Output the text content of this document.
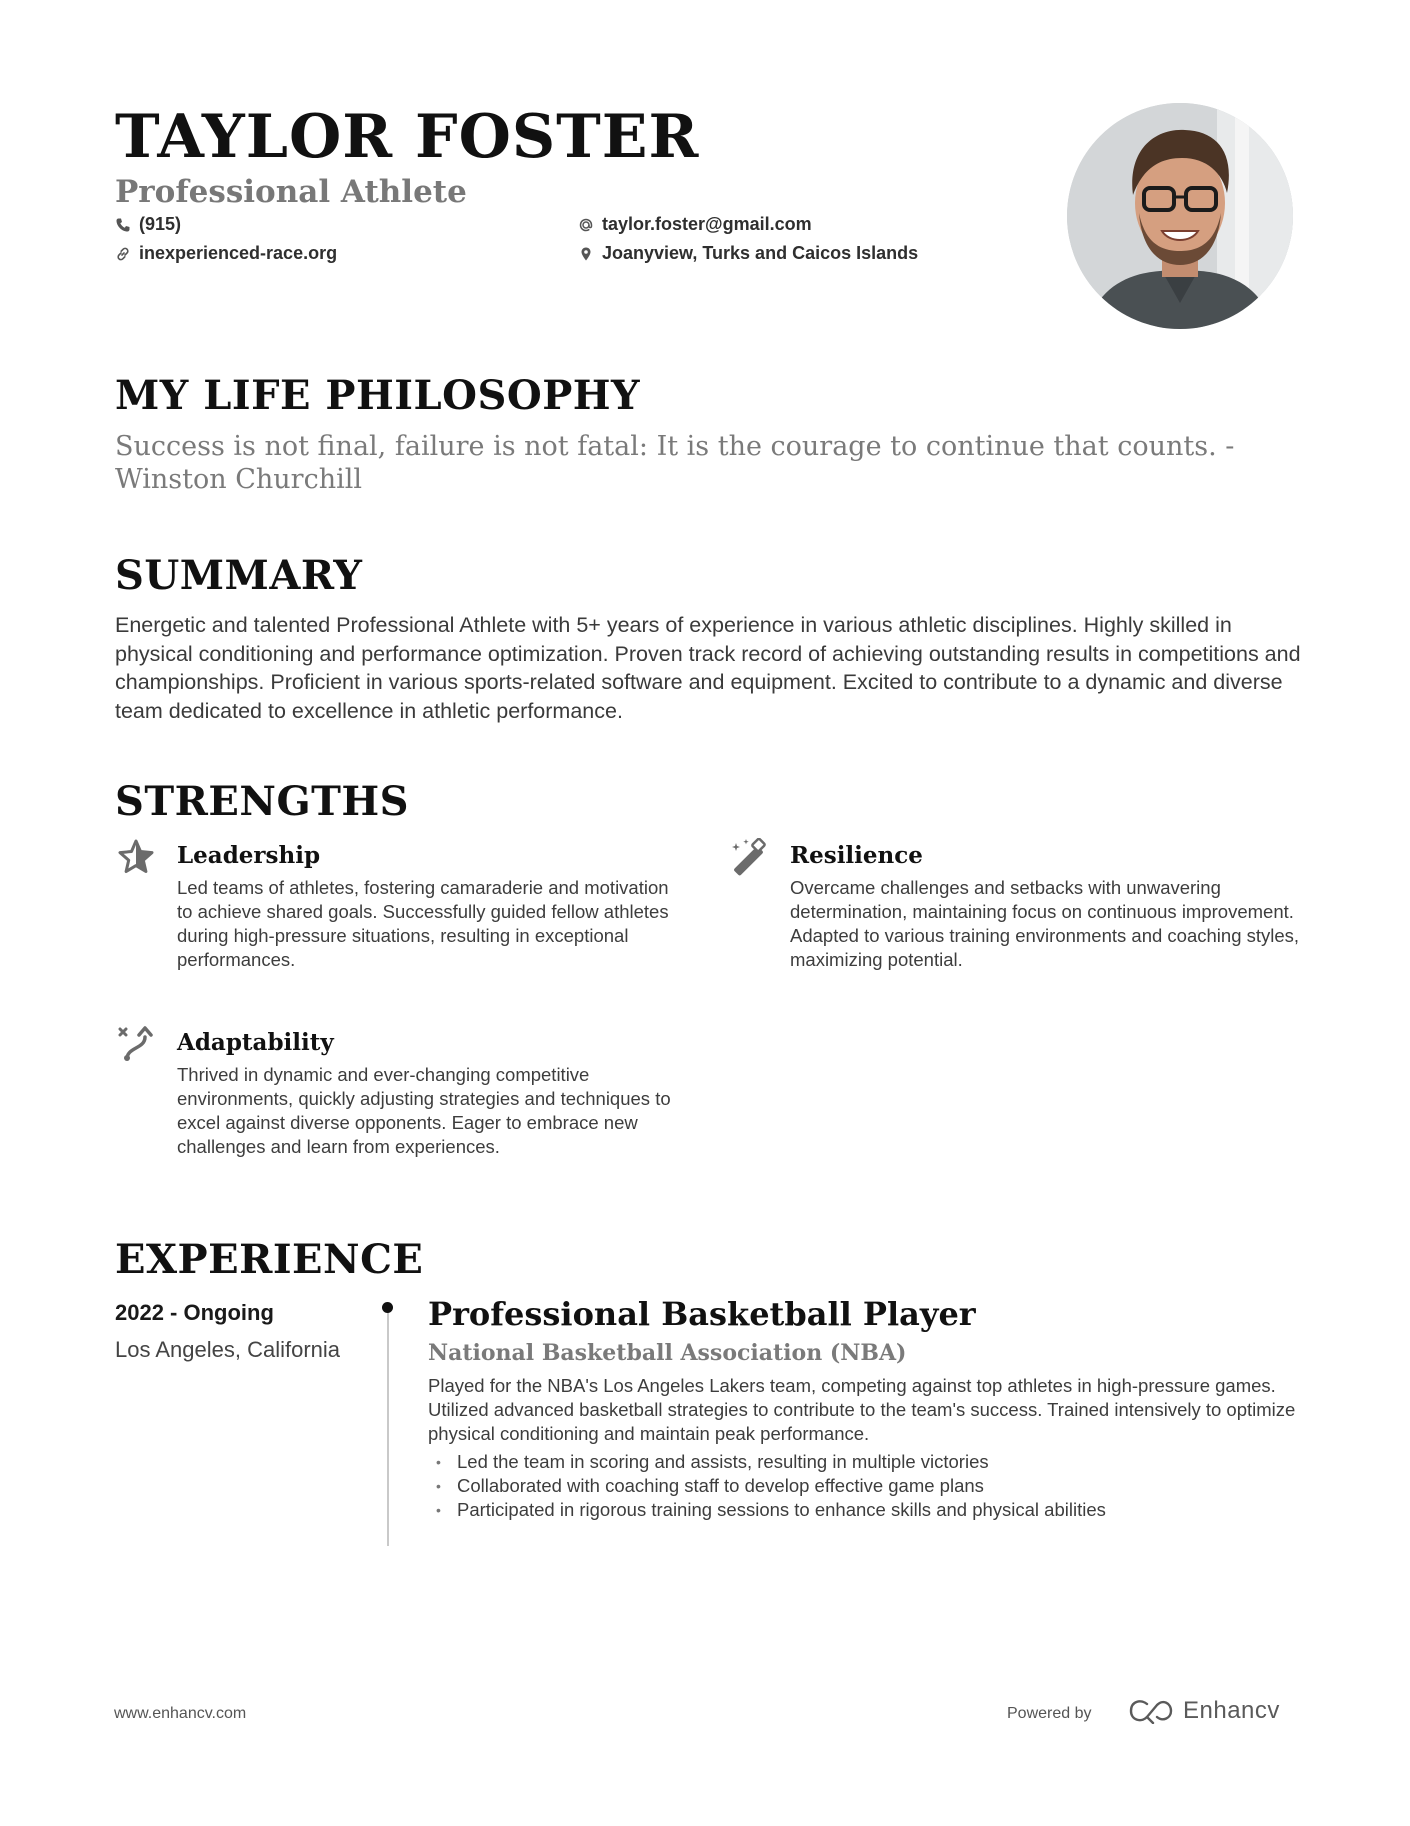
TAYLOR FOSTER
Professional Athlete
(915)	taylor.foster@gmail.com
inexperienced-race.org	Joanyview, Turks and Caicos Islands
MY LIFE PHILOSOPHY

Success is not final, failure is not fatal: It is the courage to continue that counts. - Winston Churchill

SUMMARY

Energetic and talented Professional Athlete with 5+ years of experience in various athletic disciplines. Highly skilled in physical conditioning and performance optimization. Proven track record of achieving outstanding results in competitions and championships. Proficient in various sports-related software and equipment. Excited to contribute to a dynamic and diverse team dedicated to excellence in athletic performance.

STRENGTHS
Leadership

Led teams of athletes, fostering camaraderie and motivation to achieve shared goals. Successfully guided fellow athletes during high-pressure situations, resulting in exceptional performances.

Resilience

Overcame challenges and setbacks with unwavering determination, maintaining focus on continuous improvement. Adapted to various training environments and coaching styles, maximizing potential.

Adaptability

Thrived in dynamic and ever-changing competitive environments, quickly adjusting strategies and techniques to excel against diverse opponents. Eager to embrace new challenges and learn from experiences.

EXPERIENCE

2022 - Ongoing

Los Angeles, California

Professional Basketball Player

National Basketball Association (NBA)

Played for the NBA's Los Angeles Lakers team, competing against top athletes in high-pressure games. Utilized advanced basketball strategies to contribute to the team's success. Trained intensively to optimize physical conditioning and maintain peak performance.

• Led the team in scoring and assists, resulting in multiple victories
• Collaborated with coaching staff to develop effective game plans
• Participated in rigorous training sessions to enhance skills and physical abilities
www.enhancv.com	Powered by	Enhancv
